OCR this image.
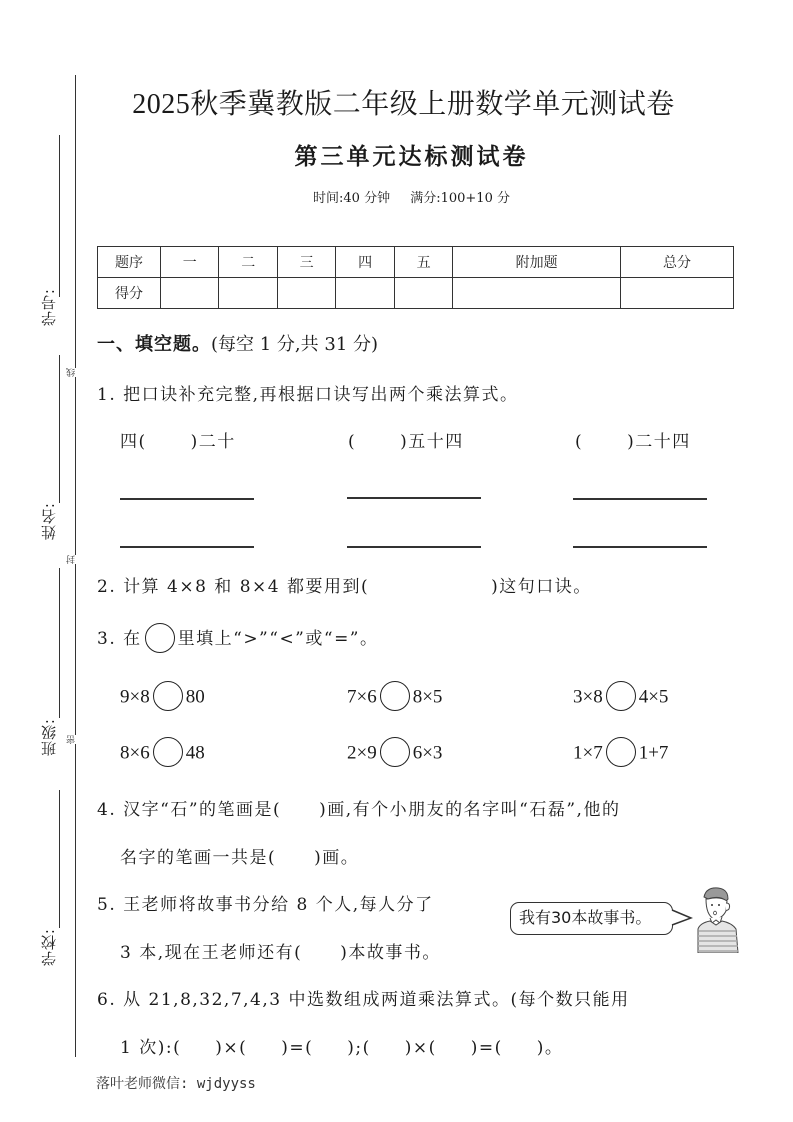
线
封
密
学号:
姓名:
班级:
学校:
2025秋季冀教版二年级上册数学单元测试卷
第三单元达标测试卷
时间:40 分钟 满分:100+10 分
题序	一	二	三	四	五	附加题	总分
得分							
一、填空题。(每空 1 分,共 31 分)
1. 把口诀补充完整,再根据口诀写出两个乘法算式。
四(	)二十	(	)五十四	(	)二十四
2. 计算 4×8 和 8×4 都要用到(	)这句口诀。
3. 在 里填上“>”“<”或“=”。
9×8 80	7×6 8×5	3×8 4×5
8×6 48	2×9 6×3	1×7 1+7
4. 汉字“石”的笔画是( )画,有个小朋友的名字叫“石磊”,他的
名字的笔画一共是( )画。
5. 王老师将故事书分给 8 个人,每人分了
3 本,现在王老师还有( )本故事书。
我有30本故事书。
6. 从 21,8,32,7,4,3 中选数组成两道乘法算式。(每个数只能用
1 次):( )×( )=( );( )×( )=( )。
落叶老师微信: wjdyyss
